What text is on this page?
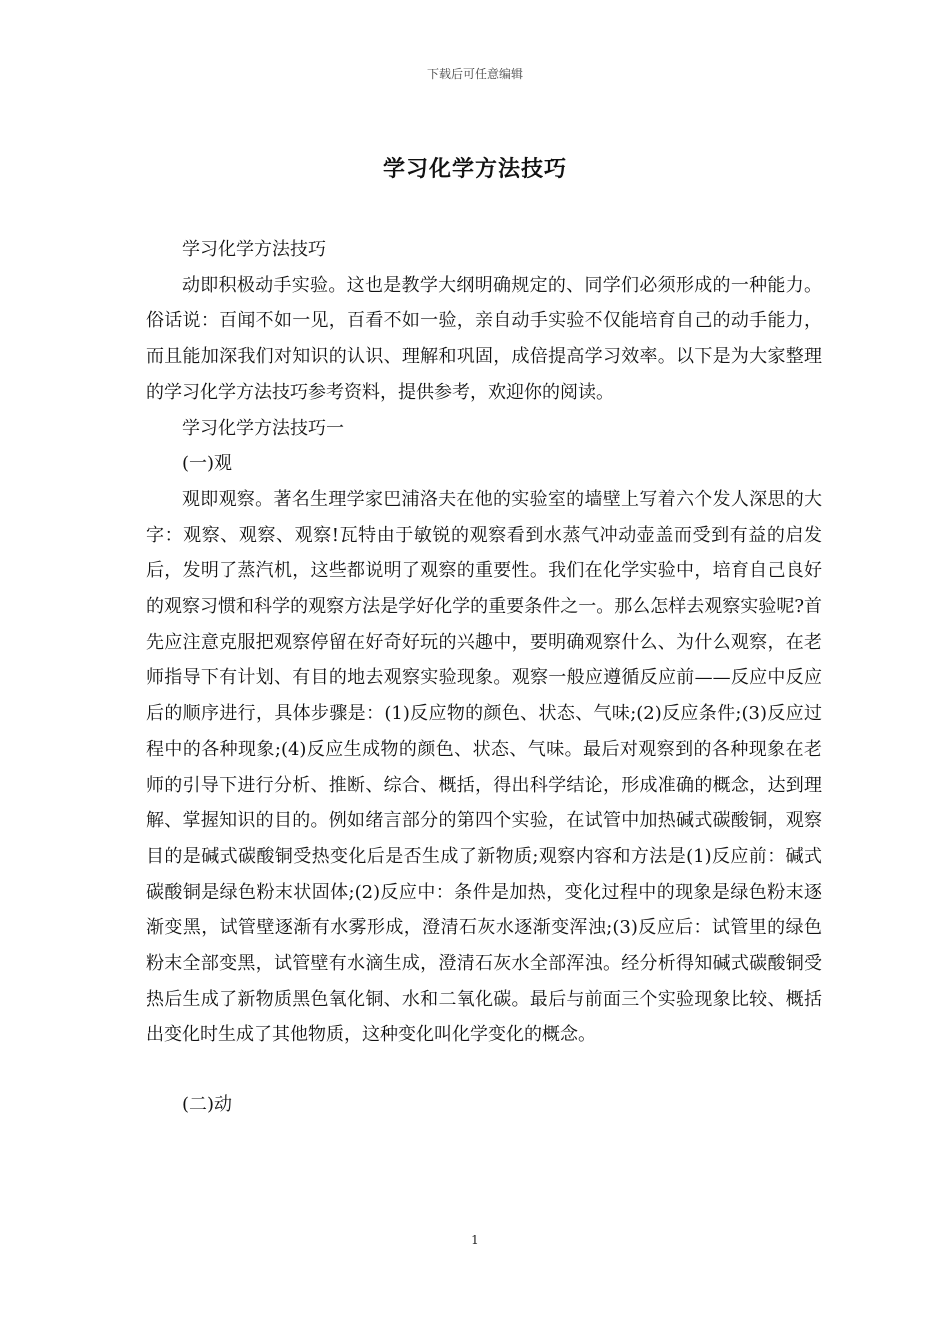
下载后可任意编辑
学习化学方法技巧

学习化学方法技巧

动即积极动手实验。这也是教学大纲明确规定的、同学们必须形成的一种能力。俗话说：百闻不如一见，百看不如一验，亲自动手实验不仅能培育自己的动手能力，而且能加深我们对知识的认识、理解和巩固，成倍提高学习效率。以下是为大家整理的学习化学方法技巧参考资料，提供参考，欢迎你的阅读。

学习化学方法技巧一

(一)观

观即观察。著名生理学家巴浦洛夫在他的实验室的墙壁上写着六个发人深思的大字：观察、观察、观察!瓦特由于敏锐的观察看到水蒸气冲动壶盖而受到有益的启发后，发明了蒸汽机，这些都说明了观察的重要性。我们在化学实验中，培育自己良好的观察习惯和科学的观察方法是学好化学的重要条件之一。那么怎样去观察实验呢?首先应注意克服把观察停留在好奇好玩的兴趣中，要明确观察什么、为什么观察，在老师指导下有计划、有目的地去观察实验现象。观察一般应遵循反应前——反应中反应后的顺序进行，具体步骤是：(1)反应物的颜色、状态、气味;(2)反应条件;(3)反应过程中的各种现象;(4)反应生成物的颜色、状态、气味。最后对观察到的各种现象在老师的引导下进行分析、推断、综合、概括，得出科学结论，形成准确的概念，达到理解、掌握知识的目的。例如绪言部分的第四个实验，在试管中加热碱式碳酸铜，观察目的是碱式碳酸铜受热变化后是否生成了新物质;观察内容和方法是(1)反应前：碱式碳酸铜是绿色粉末状固体;(2)反应中：条件是加热，变化过程中的现象是绿色粉末逐渐变黑，试管壁逐渐有水雾形成，澄清石灰水逐渐变浑浊;(3)反应后：试管里的绿色粉末全部变黑，试管壁有水滴生成，澄清石灰水全部浑浊。经分析得知碱式碳酸铜受热后生成了新物质黑色氧化铜、水和二氧化碳。最后与前面三个实验现象比较、概括出变化时生成了其他物质，这种变化叫化学变化的概念。

(二)动

1
